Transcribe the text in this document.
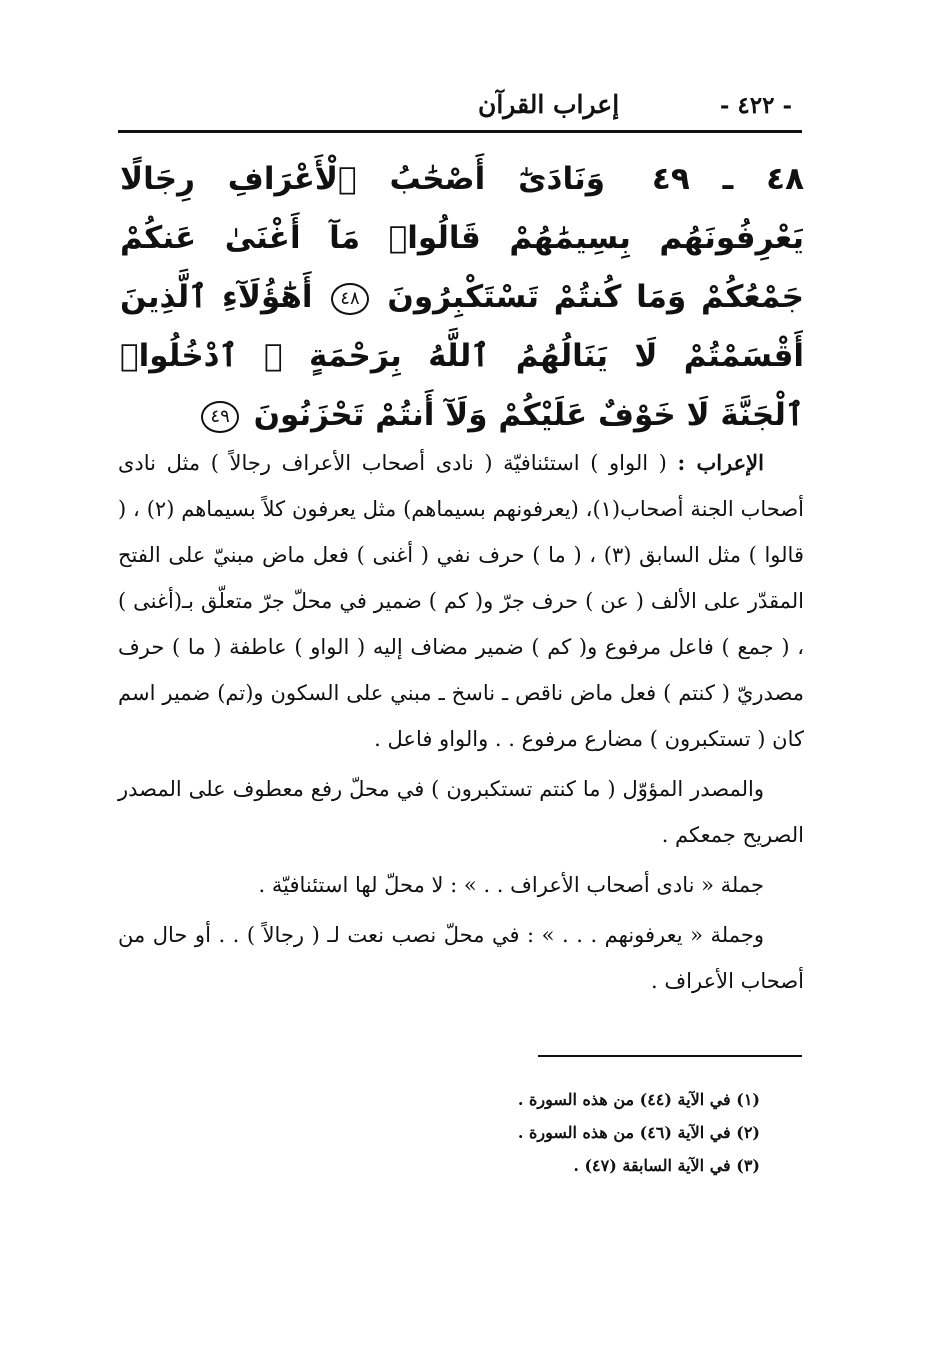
إعراب القرآن	- ٤٢٢ -
٤٨ ـ ٤٩ وَنَادَىٰٓ أَصْحَٰبُ ٱلْأَعْرَافِ رِجَالًا يَعْرِفُونَهُم بِسِيمَٰهُمْ قَالُوا۟ مَآ أَغْنَىٰ عَنكُمْ جَمْعُكُمْ وَمَا كُنتُمْ تَسْتَكْبِرُونَ ٤٨ أَهَٰٓؤُلَآءِ ٱلَّذِينَ أَقْسَمْتُمْ لَا يَنَالُهُمُ ٱللَّهُ بِرَحْمَةٍ ۚ ٱدْخُلُوا۟ ٱلْجَنَّةَ لَا خَوْفٌ عَلَيْكُمْ وَلَآ أَنتُمْ تَحْزَنُونَ ٤٩

الإعراب : ( الواو ) استئنافيّة ( نادى أصحاب الأعراف رجالاً ) مثل نادى أصحاب الجنة أصحاب(١)، (يعرفونهم بسيماهم) مثل يعرفون كلاً بسيماهم (٢) ، ( قالوا ) مثل السابق (٣) ، ( ما ) حرف نفي ( أغنى ) فعل ماض مبنيّ على الفتح المقدّر على الألف ( عن ) حرف جرّ و( كم ) ضمير في محلّ جرّ متعلّق بـ(أغنى ) ، ( جمع ) فاعل مرفوع و( كم ) ضمير مضاف إليه ( الواو ) عاطفة ( ما ) حرف مصدريّ ( كنتم ) فعل ماض ناقص ـ ناسخ ـ مبني على السكون و(تم) ضمير اسم كان ( تستكبرون ) مضارع مرفوع . . والواو فاعل .

والمصدر المؤوّل ( ما كنتم تستكبرون ) في محلّ رفع معطوف على المصدر الصريح جمعكم .

جملة « نادى أصحاب الأعراف . . » : لا محلّ لها استئنافيّة .

وجملة « يعرفونهم . . . » : في محلّ نصب نعت لـ ( رجالاً ) . . أو حال من أصحاب الأعراف .

(١) في الآية (٤٤) من هذه السورة .
(٢) في الآية (٤٦) من هذه السورة .
(٣) في الآية السابقة (٤٧) .
